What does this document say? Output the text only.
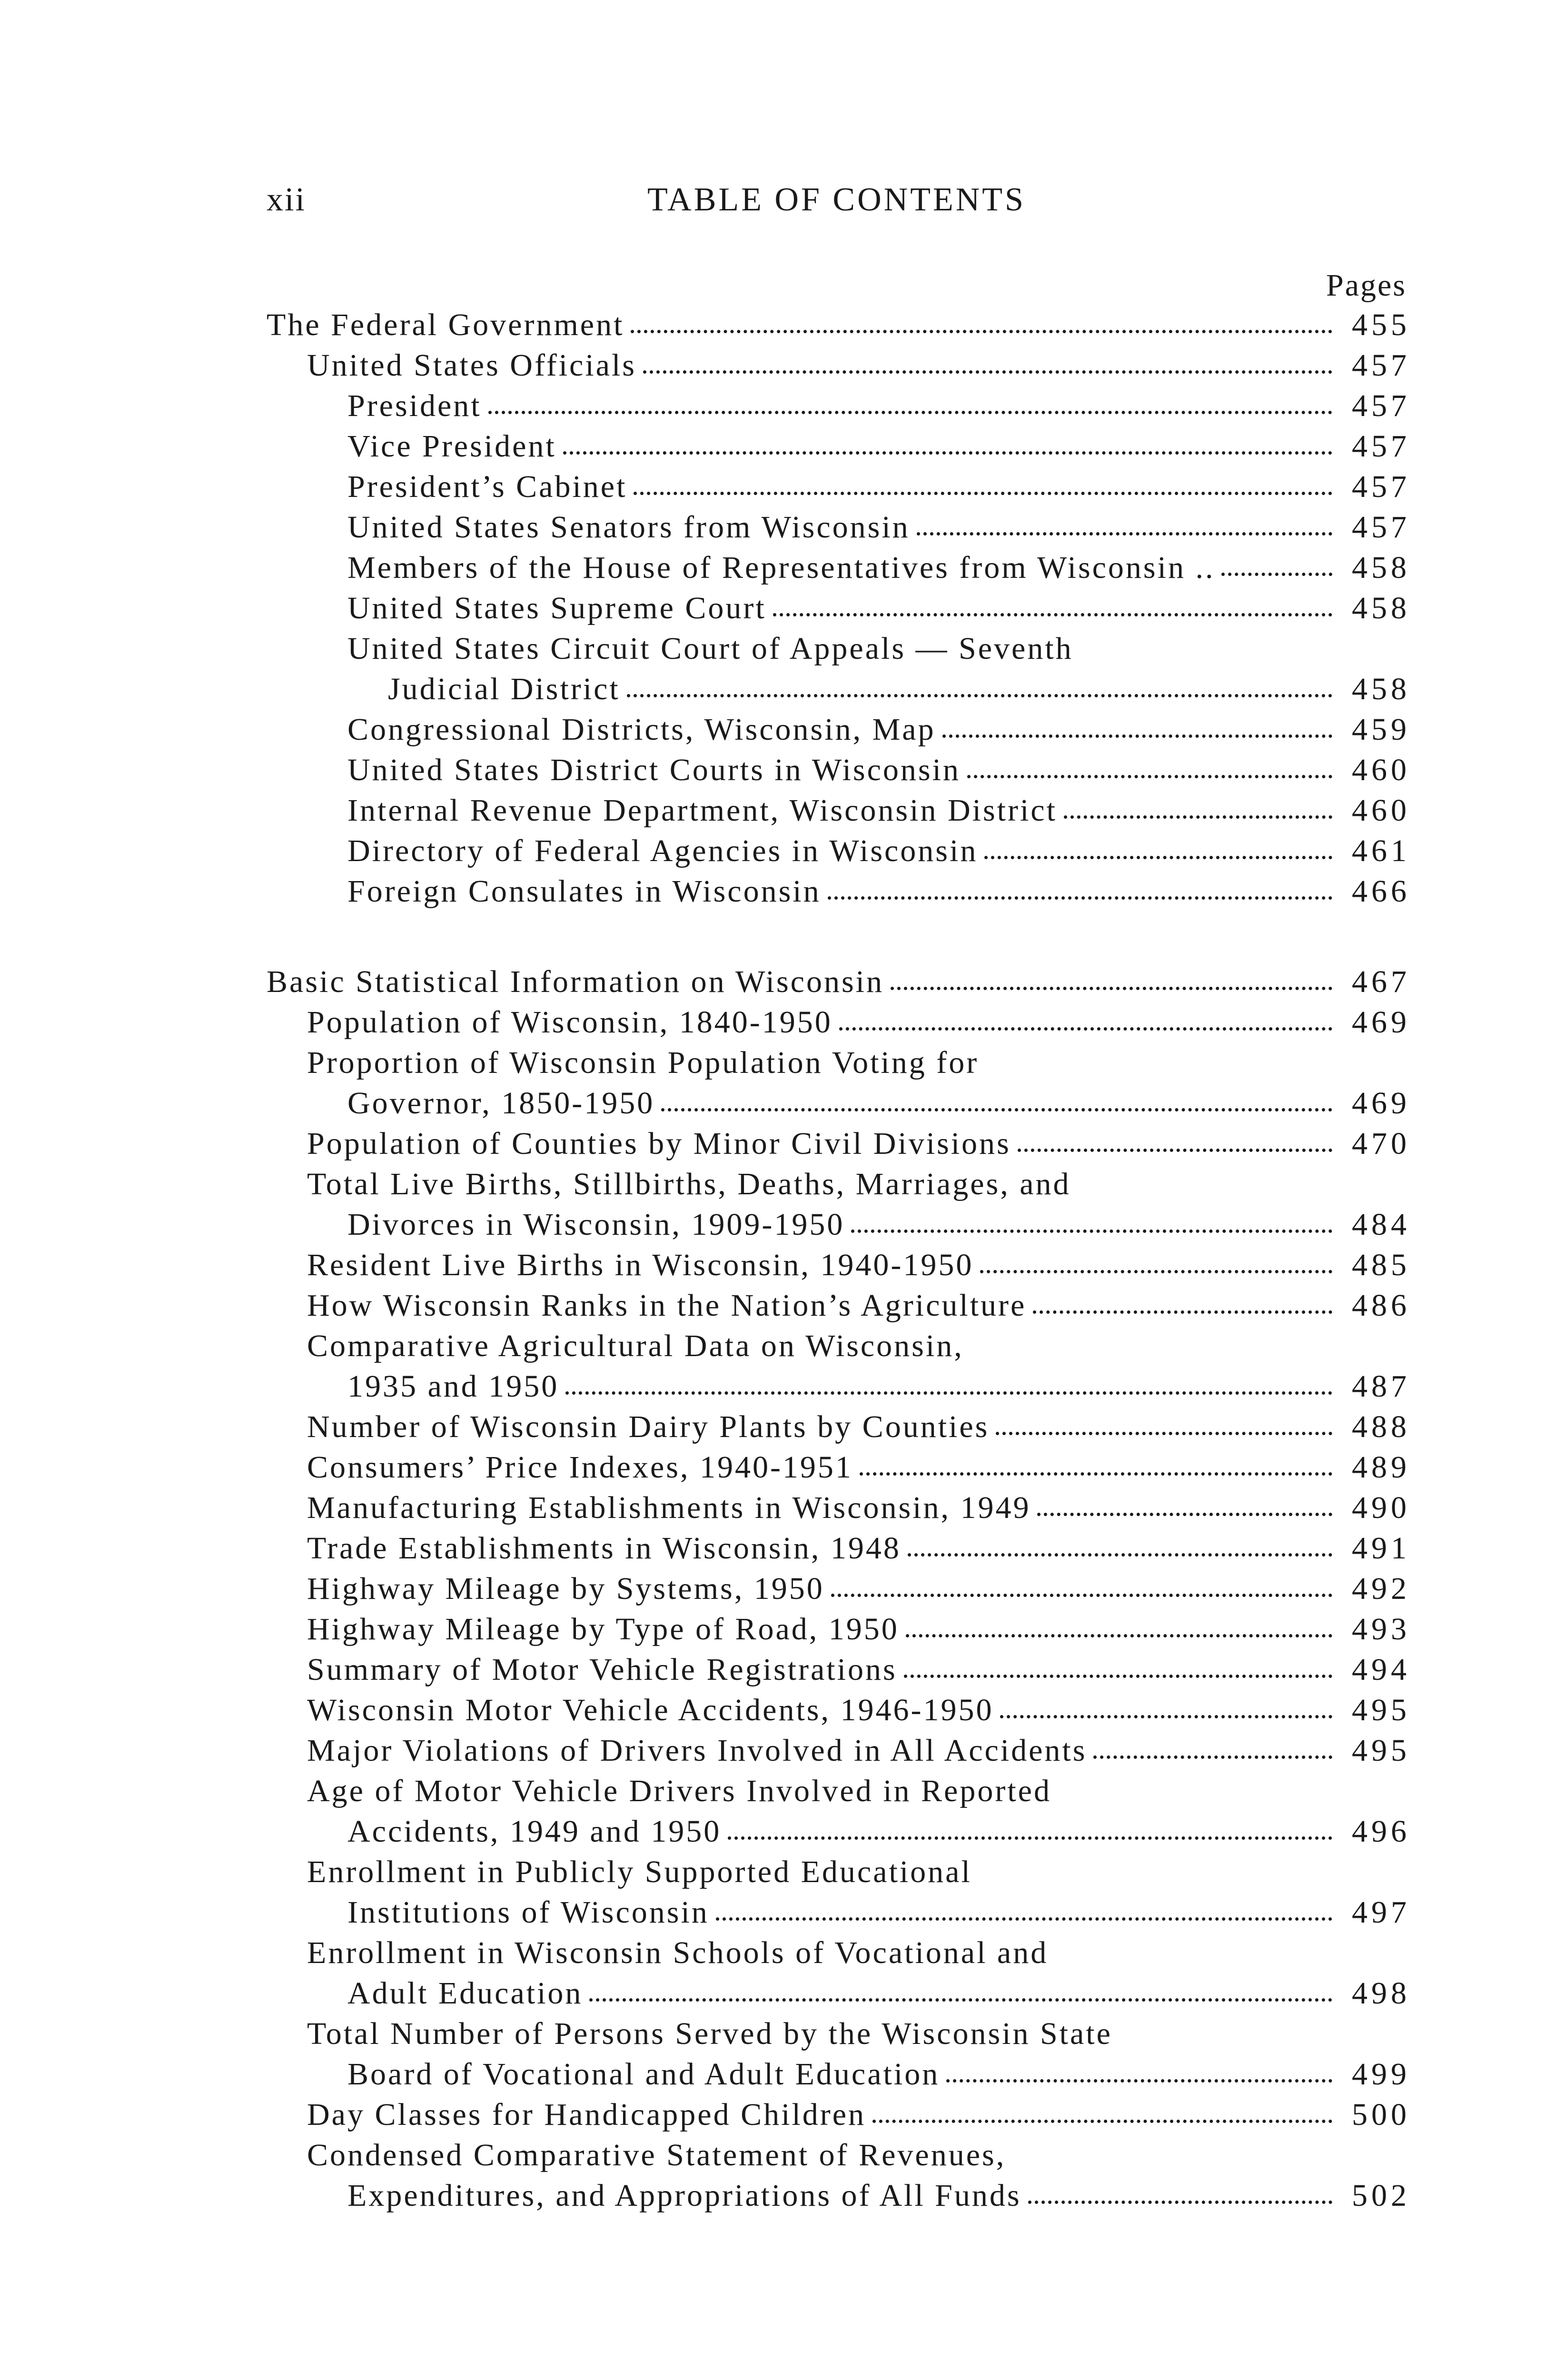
xii	TABLE OF CONTENTS
Pages
The Federal Government	455
United States Officials	457
President	457
Vice President	457
President’s Cabinet	457
United States Senators from Wisconsin	457
Members of the House of Representatives from Wisconsin ..	458
United States Supreme Court	458
United States Circuit Court of Appeals — Seventh
Judicial District	458
Congressional Districts, Wisconsin, Map	459
United States District Courts in Wisconsin	460
Internal Revenue Department, Wisconsin District	460
Directory of Federal Agencies in Wisconsin	461
Foreign Consulates in Wisconsin	466
Basic Statistical Information on Wisconsin	467
Population of Wisconsin, 1840-1950	469
Proportion of Wisconsin Population Voting for
Governor, 1850-1950	469
Population of Counties by Minor Civil Divisions	470
Total Live Births, Stillbirths, Deaths, Marriages, and
Divorces in Wisconsin, 1909-1950	484
Resident Live Births in Wisconsin, 1940-1950	485
How Wisconsin Ranks in the Nation’s Agriculture	486
Comparative Agricultural Data on Wisconsin,
1935 and 1950	487
Number of Wisconsin Dairy Plants by Counties	488
Consumers’ Price Indexes, 1940-1951	489
Manufacturing Establishments in Wisconsin, 1949	490
Trade Establishments in Wisconsin, 1948	491
Highway Mileage by Systems, 1950	492
Highway Mileage by Type of Road, 1950	493
Summary of Motor Vehicle Registrations	494
Wisconsin Motor Vehicle Accidents, 1946-1950	495
Major Violations of Drivers Involved in All Accidents	495
Age of Motor Vehicle Drivers Involved in Reported
Accidents, 1949 and 1950	496
Enrollment in Publicly Supported Educational
Institutions of Wisconsin	497
Enrollment in Wisconsin Schools of Vocational and
Adult Education	498
Total Number of Persons Served by the Wisconsin State
Board of Vocational and Adult Education	499
Day Classes for Handicapped Children	500
Condensed Comparative Statement of Revenues,
Expenditures, and Appropriations of All Funds	502
